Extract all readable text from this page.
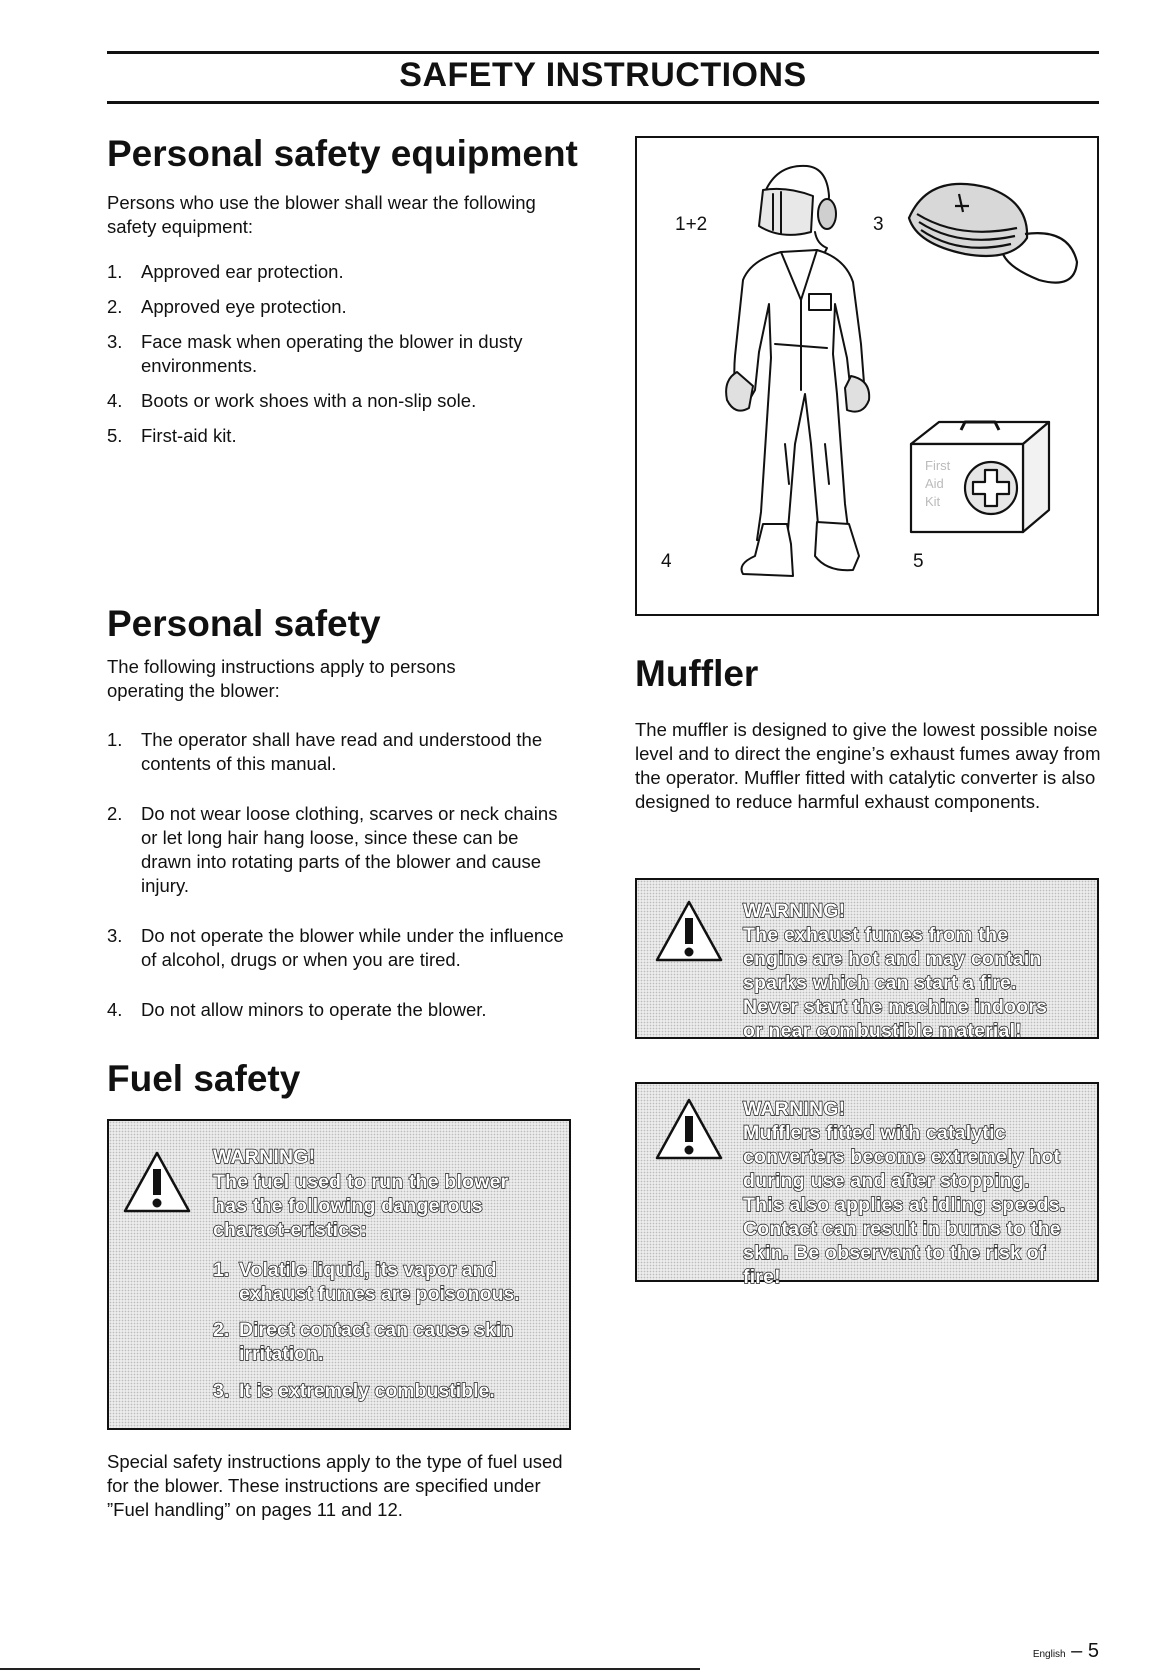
SAFETY INSTRUCTIONS
Personal safety equipment

Persons who use the blower shall wear the following safety equipment:

1. Approved ear protection.
2. Approved eye protection.
3. Face mask when operating the blower in dusty environments.
4. Boots or work shoes with a non-slip sole.
5. First-aid kit.
1+2	3
4	5
First
Aid
Kit
Personal safety

The following instructions apply to persons operating the blower:

1. The operator shall have read and understood the contents of this manual.
2. Do not wear loose clothing, scarves or neck chains or let long hair hang loose, since these can be drawn into rotating parts of the blower and cause injury.
3. Do not operate the blower while under the influence of alcohol, drugs or when you are tired.
4. Do not allow minors to operate the blower.
Fuel safety

WARNING!

The fuel used to run the blower

has the following dangerous

charact-eristics:

1. Volatile liquid, its vapor and
exhaust fumes are poisonous.

2. Direct contact can cause skin
irritation.

3. It is extremely combustible.

Special safety instructions apply to the type of fuel used for the blower. These instructions are specified under ”Fuel handling” on pages 11 and 12.

Muffler

The muffler is designed to give the lowest possible noise level and to direct the engine’s exhaust fumes away from the operator. Muffler fitted with catalytic converter is also designed to reduce harmful exhaust components.

WARNING!

The exhaust fumes from the

engine are hot and may contain

sparks which can start a fire.

Never start the machine indoors

or near combustible material!

WARNING!

Mufflers fitted with catalytic

converters become extremely hot

during use and after stopping.

This also applies at idling speeds.

Contact can result in burns to the

skin. Be observant to the risk of

fire!

English – 5
